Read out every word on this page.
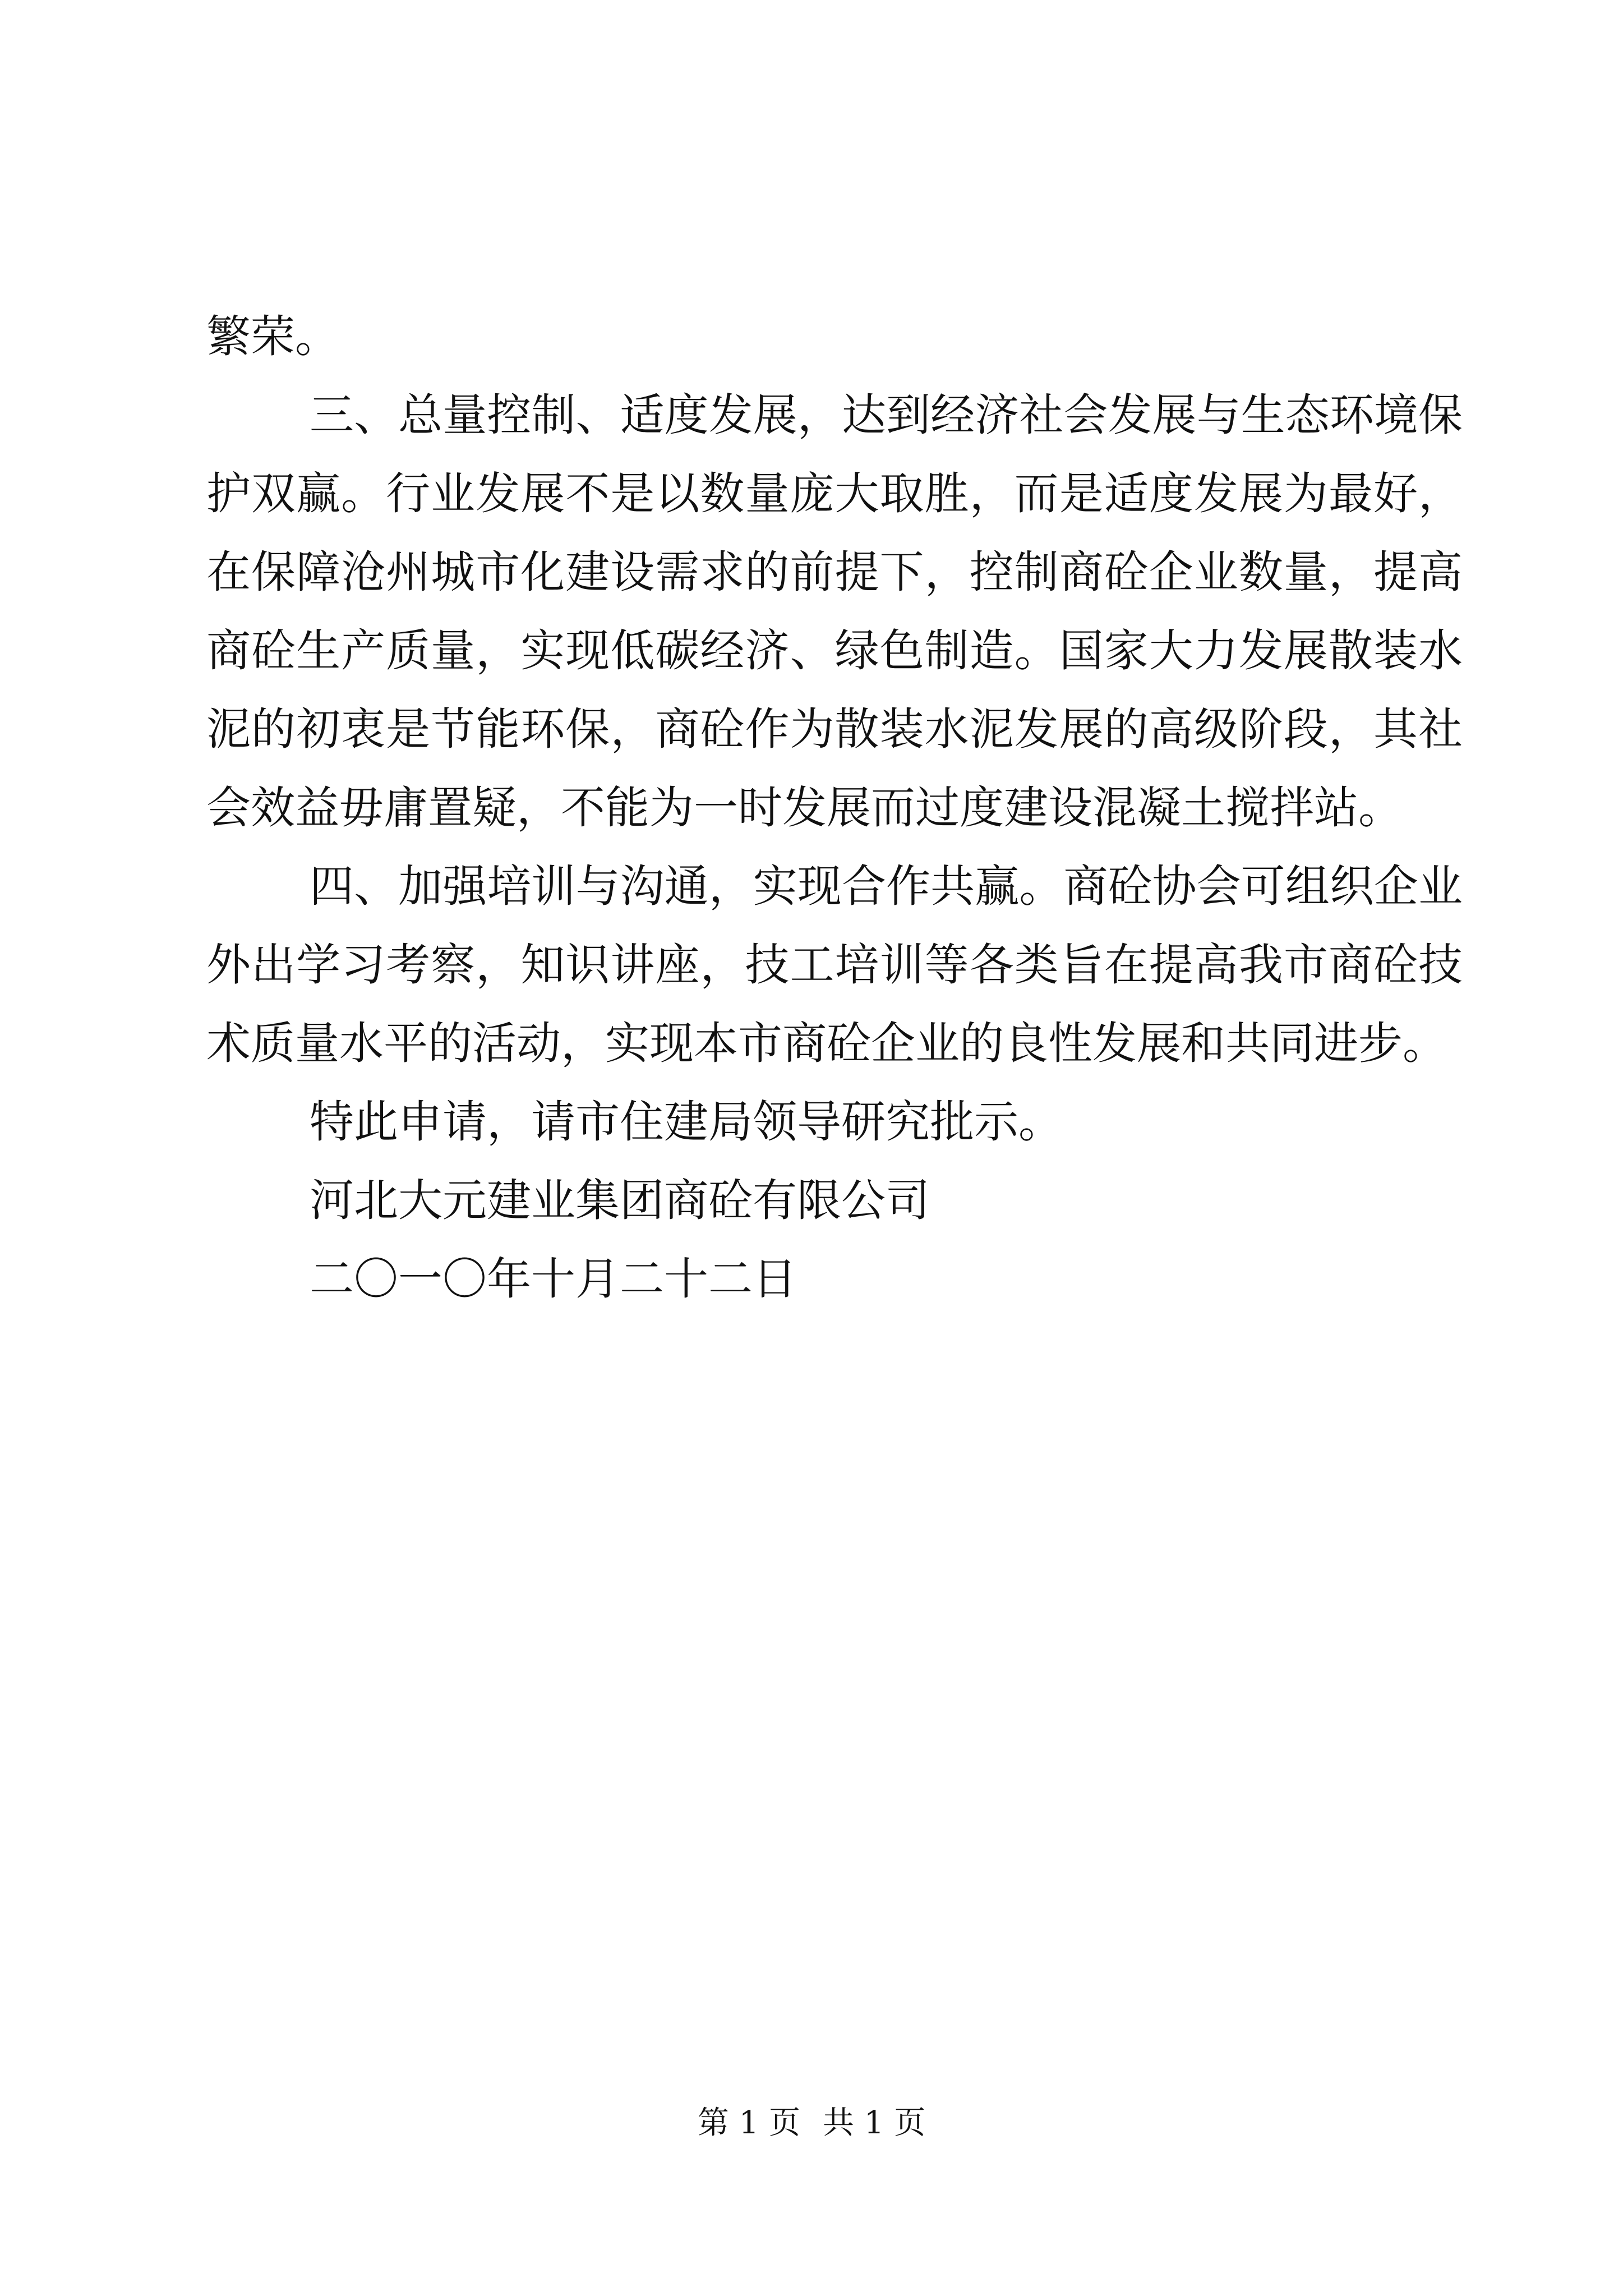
繁荣。
三、总量控制、适度发展，达到经济社会发展与生态环境保
护双赢。行业发展不是以数量庞大取胜，而是适度发展为最好，
在保障沧州城市化建设需求的前提下，控制商砼企业数量，提高
商砼生产质量，实现低碳经济、绿色制造。国家大力发展散装水
泥的初衷是节能环保，商砼作为散装水泥发展的高级阶段，其社
会效益毋庸置疑，不能为一时发展而过度建设混凝土搅拌站。
四、加强培训与沟通，实现合作共赢。商砼协会可组织企业
外出学习考察，知识讲座，技工培训等各类旨在提高我市商砼技
术质量水平的活动，实现本市商砼企业的良性发展和共同进步。
特此申请，请市住建局领导研究批示。
河北大元建业集团商砼有限公司
二〇一〇年十月二十二日
第 1 页 共 1 页
